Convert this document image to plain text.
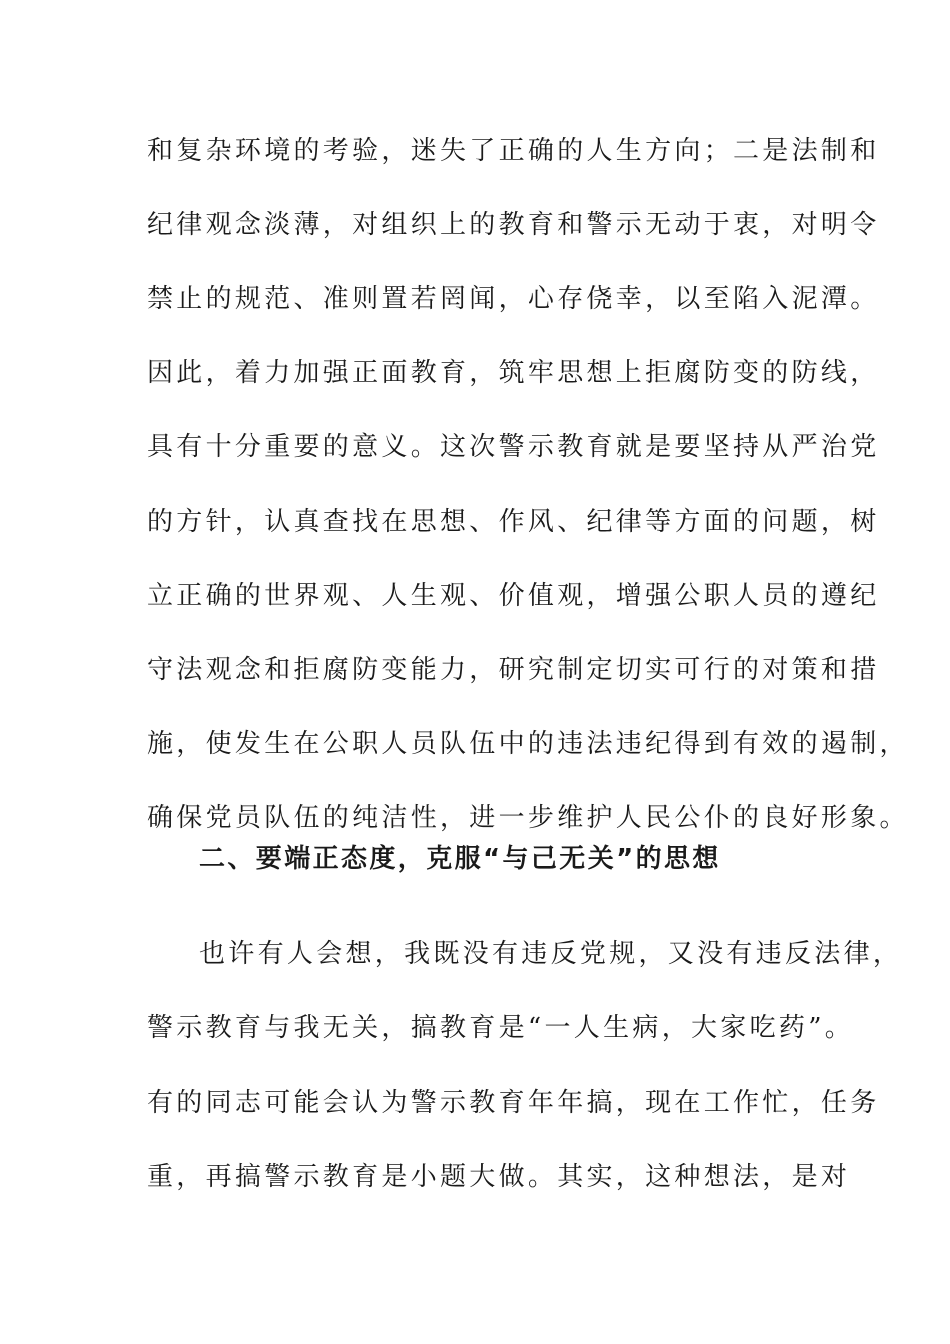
和复杂环境的考验，迷失了正确的人生方向；二是法制和

纪律观念淡薄，对组织上的教育和警示无动于衷，对明令

禁止的规范、准则置若罔闻，心存侥幸，以至陷入泥潭。

因此，着力加强正面教育，筑牢思想上拒腐防变的防线，

具有十分重要的意义。这次警示教育就是要坚持从严治党

的方针，认真查找在思想、作风、纪律等方面的问题，树

立正确的世界观、人生观、价值观，增强公职人员的遵纪

守法观念和拒腐防变能力，研究制定切实可行的对策和措

施，使发生在公职人员队伍中的违法违纪得到有效的遏制，

确保党员队伍的纯洁性，进一步维护人民公仆的良好形象。

二、要端正态度，克服“与己无关”的思想

也许有人会想，我既没有违反党规，又没有违反法律，

警示教育与我无关，搞教育是“一人生病，大家吃药”。

有的同志可能会认为警示教育年年搞，现在工作忙，任务

重，再搞警示教育是小题大做。其实，这种想法，是对
